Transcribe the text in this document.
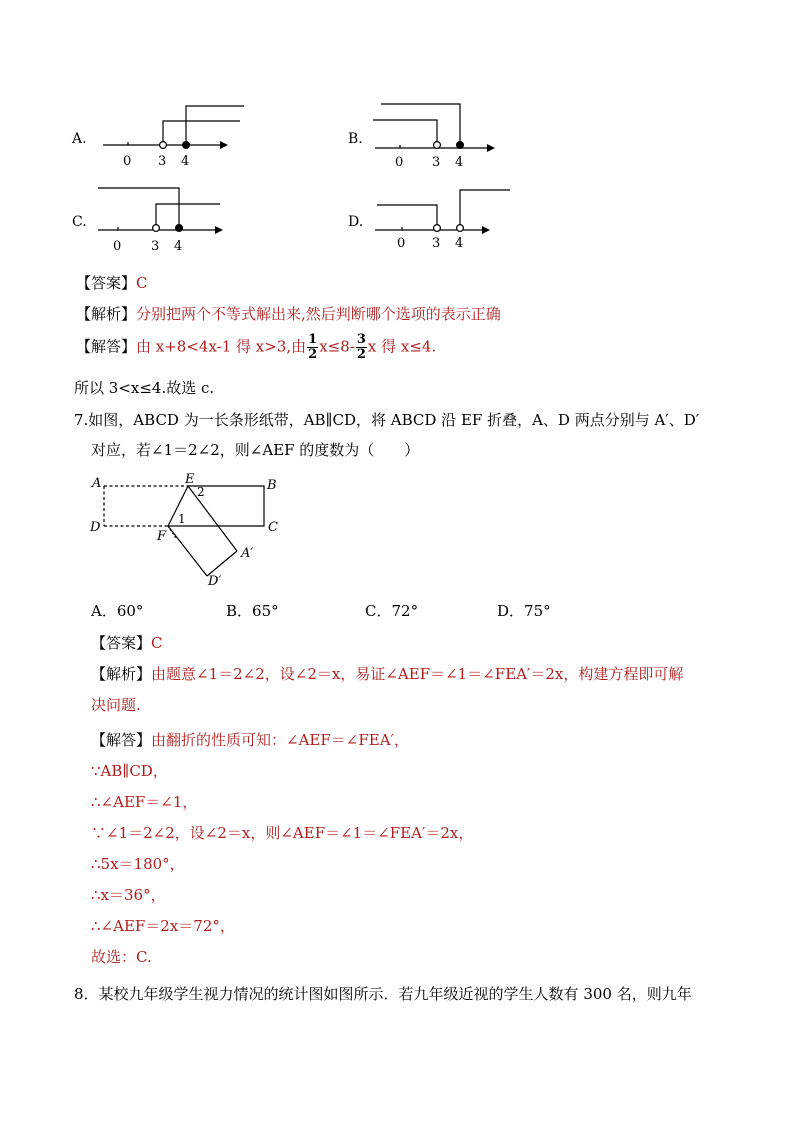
A.	B.
C.	D.
0 3 4	0 3 4
0 3 4	0 3 4
【答案】C
【解析】分别把两个不等式解出来,然后判断哪个选项的表示正确
【解答】由 x+8<4x-1 得 x>3,由 $\frac{1}{2} x\le 8- \frac{3}{2}$ x 得 x≤4.
所以 3<x≤4.故选 c.
7.如图，ABCD 为一长条形纸带，AB∥CD，将 ABCD 沿 EF 折叠，A、D 两点分别与 A′、D′
对应，若∠1＝2∠2，则∠AEF 的度数为（　　）
A	E	B
D
F
C
A′
D′
1
2
A．60°	B．65°	C．72°	D．75°
【答案】C
【解析】由题意∠1＝2∠2，设∠2＝x，易证∠AEF＝∠1＝∠FEA′＝2x，构建方程即可解
决问题.
【解答】由翻折的性质可知：∠AEF＝∠FEA′，
∵AB∥CD，
∴∠AEF＝∠1，
∵∠1＝2∠2，设∠2＝x，则∠AEF＝∠1＝∠FEA′＝2x，
∴5x＝180°，
∴x＝36°，
∴∠AEF＝2x＝72°，
故选：C.
8．某校九年级学生视力情况的统计图如图所示．若九年级近视的学生人数有 300 名，则九年
